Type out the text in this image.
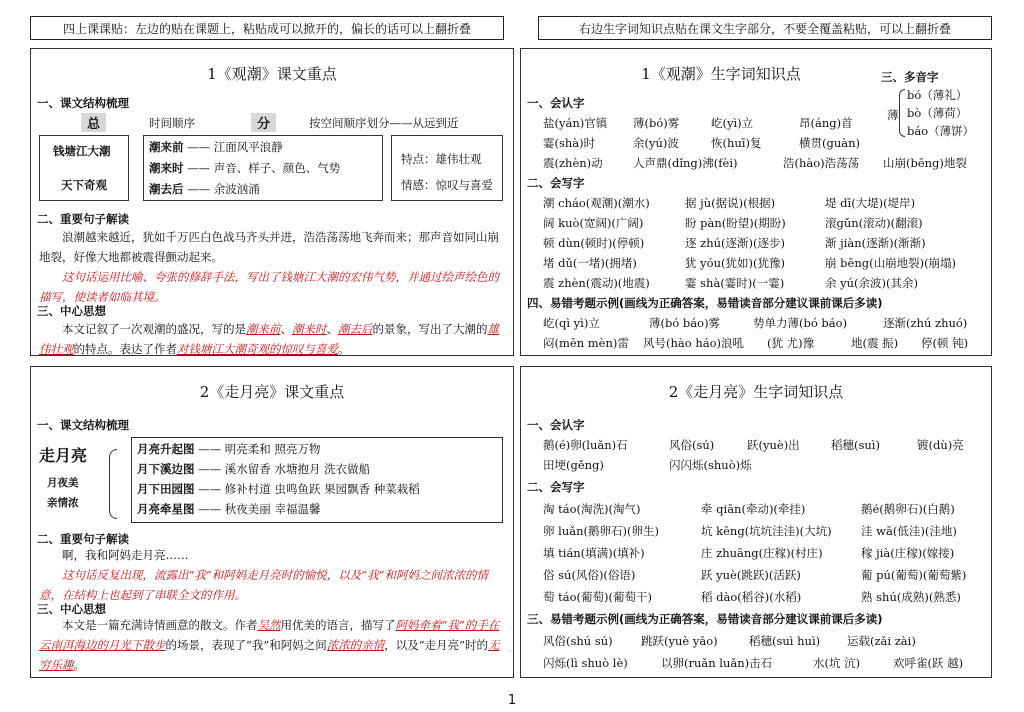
四上课课贴：左边的贴在课题上，粘贴成可以掀开的，偏长的话可以上翻折叠	右边生字词知识点贴在课文生字部分，不要全覆盖粘贴，可以上翻折叠
1《观潮》课文重点
一、课文结构梳理
总	时间顺序	分	按空间顺序划分——从远到近
钱塘江大潮
天下奇观
潮来前 —— 江面风平浪静
潮来时 —— 声音、样子、颜色、气势
潮去后 —— 余波汹涌
特点：雄伟壮观
情感：惊叹与喜爱
二、重要句子解读

浪潮越来越近，犹如千万匹白色战马齐头并进，浩浩荡荡地飞奔而来；那声音如同山崩地裂，好像大地都被震得颤动起来。

这句话运用比喻、夸张的修辞手法，写出了钱塘江大潮的宏伟气势，并通过绘声绘色的描写，使读者如临其境。

三、中心思想

本文记叙了一次观潮的盛况，写的是潮来前、潮来时、潮去后的景象，写出了大潮的雄伟壮观的特点。表达了作者对钱塘江大潮奇观的惊叹与喜爱。

1《观潮》生字词知识点
一、会认字
盐(yán)官镇 薄(bó)雾	屹(yì)立	昂(áng)首
霎(shà)时	余(yú)波	恢(huī)复	横贯(guàn)
震(zhèn)动	人声鼎(dǐng)沸(fèi)	浩(hào)浩荡荡 山崩(bēng)地裂
三、多音字
薄
bó（薄礼）
bò（薄荷）
báo（薄饼）
二、会写字
潮 cháo(观潮)(潮水)	据 jù(据说)(根据)	堤 dī(大堤)(堤岸)
阔 kuò(宽阔)(广阔)	盼 pàn(盼望)(期盼)	滚gǔn(滚动)(翻滚)
顿 dùn(顿时)(停顿)	逐 zhú(逐渐)(逐步)	渐 jiàn(逐渐)(渐渐)
堵 dǔ(一堵)(拥堵)	犹 yóu(犹如)(犹豫)	崩 bēng(山崩地裂)(崩塌)
震 zhèn(震动)(地震)	霎 shà(霎时)(一霎)	余 yú(余波)(其余)
四、易错考题示例(画线为正确答案，易错读音部分建议课前课后多读)
屹(qì yì)立	薄(bó báo)雾	势单力薄(bó báo)	逐渐(zhú zhuó)
闷(mēn mèn)雷 风号(hào háo)浪吼 (犹 尤)豫	地(震 振) 停(顿 钝)
2《走月亮》课文重点
一、课文结构梳理
走月亮
月夜美
亲情浓
月亮升起图 —— 明亮柔和 照亮万物
月下溪边图 —— 溪水留香 水塘抱月 洗衣做船
月下田园图 —— 修补村道 虫鸣鱼跃 果园飘香 种菜栽稻
月亮牵星图 —— 秋夜美丽 幸福温馨
二、重要句子解读

啊，我和阿妈走月亮……

这句话反复出现，流露出“我”和阿妈走月亮时的愉悦，以及“我”和阿妈之间浓浓的情意，在结构上也起到了串联全文的作用。

三、中心思想

本文是一篇充满诗情画意的散文。作者吴然用优美的语言，描写了阿妈牵着“我”的手在云南洱海边的月光下散步的场景，表现了“我”和阿妈之间浓浓的亲情，以及“走月亮”时的无穷乐趣。

2《走月亮》生字词知识点
一、会认字
鹅(é)卵(luǎn)石	风俗(sú)	跃(yuè)出	稻穗(suì)	镀(dù)亮
田埂(gěng)	闪闪烁(shuò)烁
二、会写字
淘 táo(淘洗)(淘气)	牵 qiān(牵动)(牵挂)	鹅é(鹅卵石)(白鹅)
卵 luǎn(鹅卵石)(卵生)	坑 kēng(坑坑洼洼)(大坑)	洼 wā(低洼)(洼地)
填 tián(填满)(填补)	庄 zhuāng(庄稼)(村庄)	稼 jià(庄稼)(嫁接)
俗 sú(风俗)(俗语)	跃 yuè(跳跃)(活跃)	葡 pú(葡萄)(葡萄紫)
萄 táo(葡萄)(葡萄干)	稻 dào(稻谷)(水稻)	熟 shú(成熟)(熟悉)
三、易错考题示例(画线为正确答案，易错读音部分建议课前课后多读)
风俗(shú sú) 跳跃(yuè yāo)	稻穗(suì huì) 运载(zǎi zài)
闪烁(lì shuò lè)	以卵(ruǎn luǎn)击石	水(坑 沆)	欢呼雀(跃 越)
1
